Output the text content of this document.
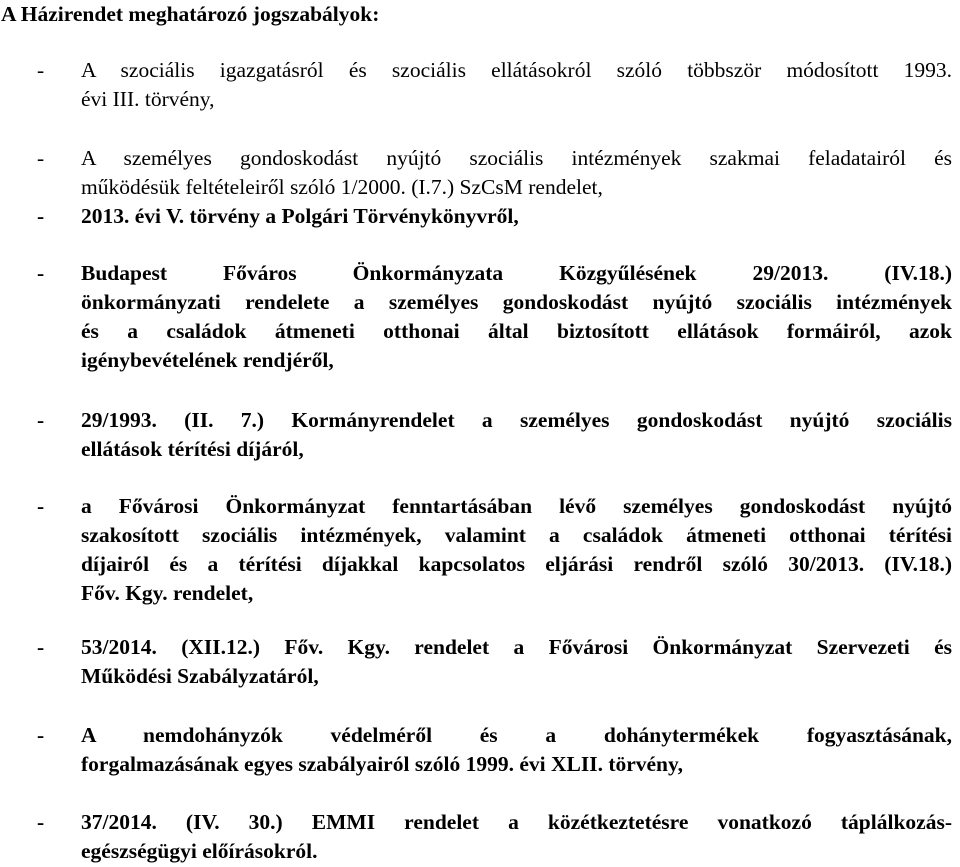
A Házirendet meghatározó jogszabályok:
- A szociális igazgatásról és szociális ellátásokról szóló többször módosított 1993.
évi III. törvény,
- A személyes gondoskodást nyújtó szociális intézmények szakmai feladatairól és
működésük feltételeiről szóló 1/2000. (I.7.) SzCsM rendelet,
- 2013. évi V. törvény a Polgári Törvénykönyvről,
- Budapest Főváros Önkormányzata Közgyűlésének 29/2013. (IV.18.)
önkormányzati rendelete a személyes gondoskodást nyújtó szociális intézmények
és a családok átmeneti otthonai által biztosított ellátások formáiról, azok
igénybevételének rendjéről,
- 29/1993. (II. 7.) Kormányrendelet a személyes gondoskodást nyújtó szociális
ellátások térítési díjáról,
- a Fővárosi Önkormányzat fenntartásában lévő személyes gondoskodást nyújtó
szakosított szociális intézmények, valamint a családok átmeneti otthonai térítési
díjairól és a térítési díjakkal kapcsolatos eljárási rendről szóló 30/2013. (IV.18.)
Főv. Kgy. rendelet,
- 53/2014. (XII.12.) Főv. Kgy. rendelet a Fővárosi Önkormányzat Szervezeti és
Működési Szabályzatáról,
- A nemdohányzók védelméről és a dohánytermékek fogyasztásának,
forgalmazásának egyes szabályairól szóló 1999. évi XLII. törvény,
- 37/2014. (IV. 30.) EMMI rendelet a közétkeztetésre vonatkozó táplálkozás-
egészségügyi előírásokról.
